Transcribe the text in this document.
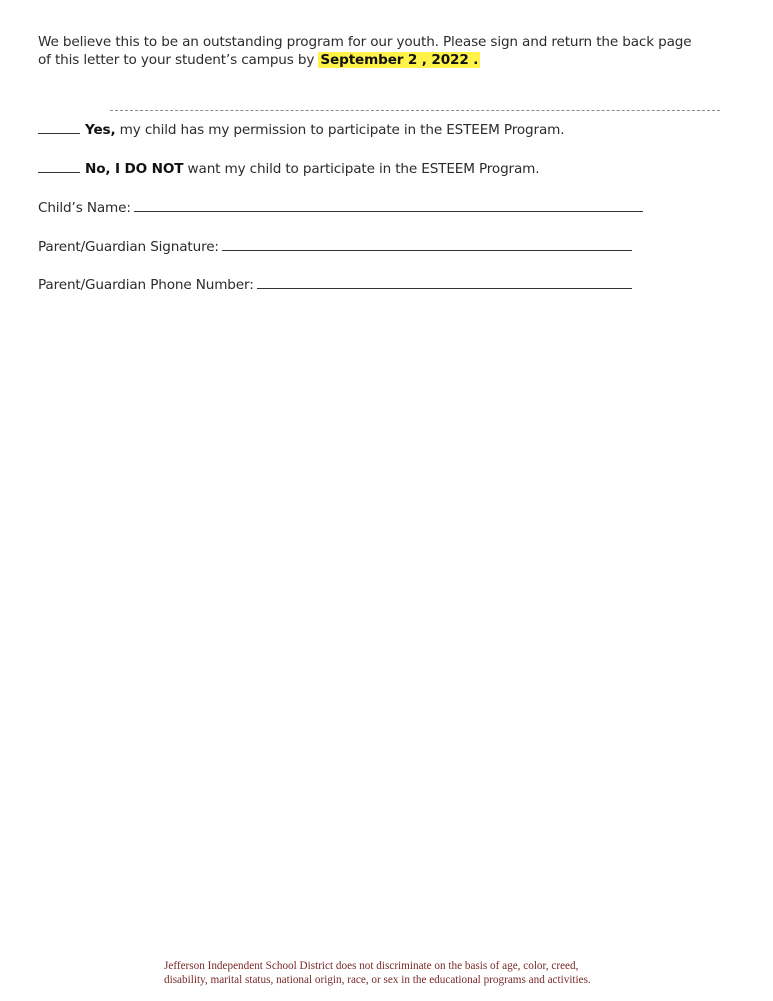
We believe this to be an outstanding program for our youth. Please sign and return the back page
of this letter to your student’s campus by September 2 , 2022 .
Yes, my child has my permission to participate in the ESTEEM Program.
No, I DO NOT want my child to participate in the ESTEEM Program.
Child’s Name:
Parent/Guardian Signature:
Parent/Guardian Phone Number:
Jefferson Independent School District does not discriminate on the basis of age, color, creed,
disability, marital status, national origin, race, or sex in the educational programs and activities.
